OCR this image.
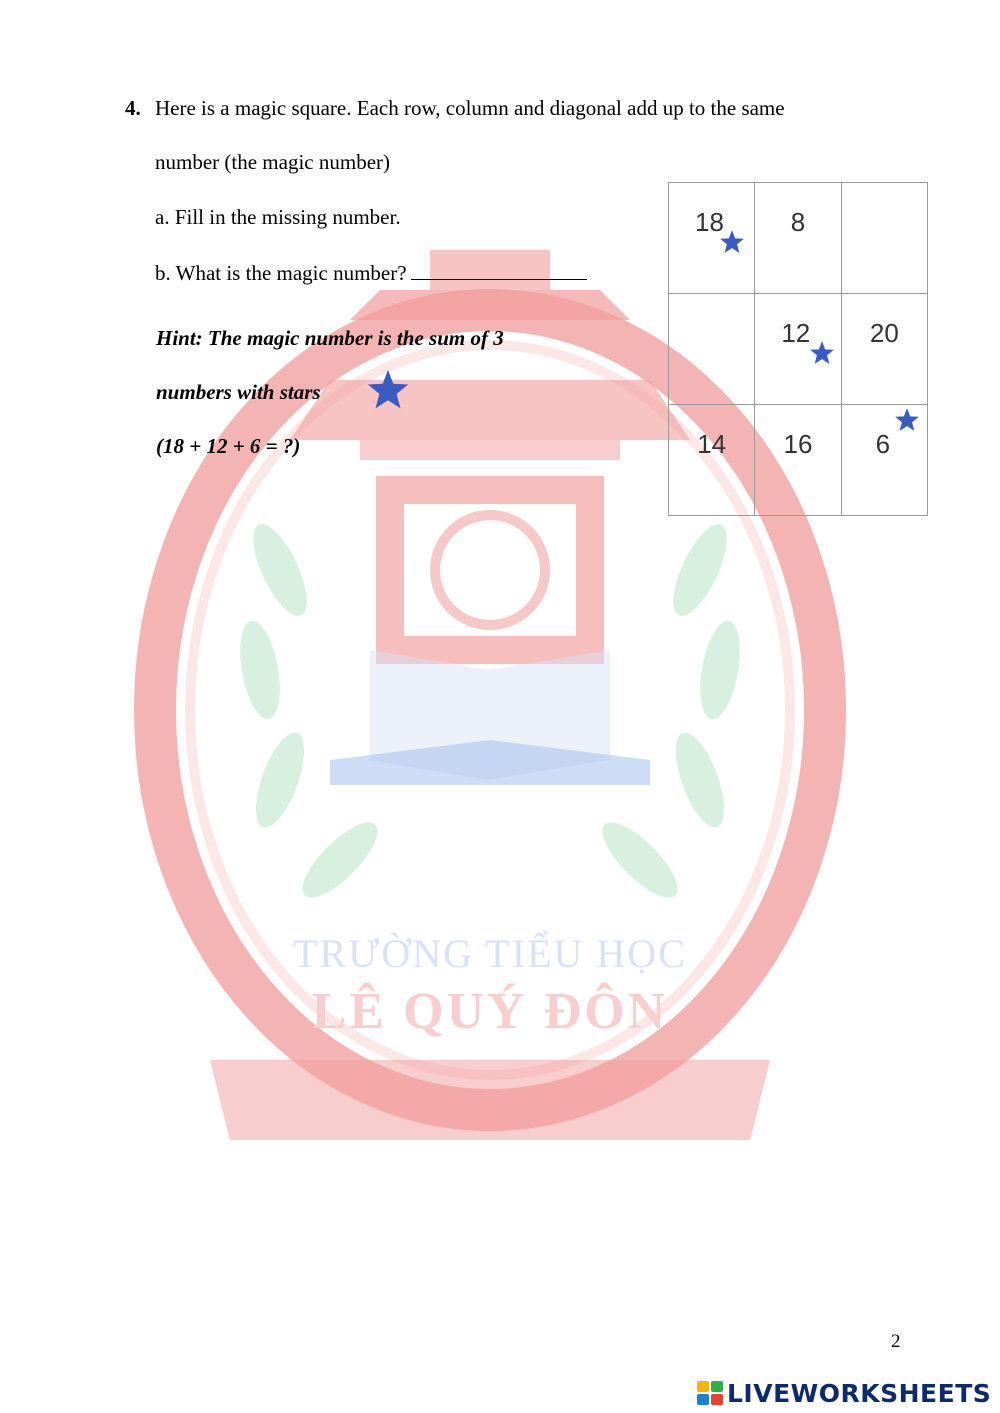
TRƯỜNG TIỂU HỌC
LÊ QUÝ ĐÔN
4. Here is a magic square. Each row, column and diagonal add up to the same
number (the magic number)
a. Fill in the missing number.
b. What is the magic number?
Hint: The magic number is the sum of 3
numbers with stars
(18 + 12 + 6 = ?)
18	8	

	12	20
14	16	6
2
LIVEWORKSHEETS
